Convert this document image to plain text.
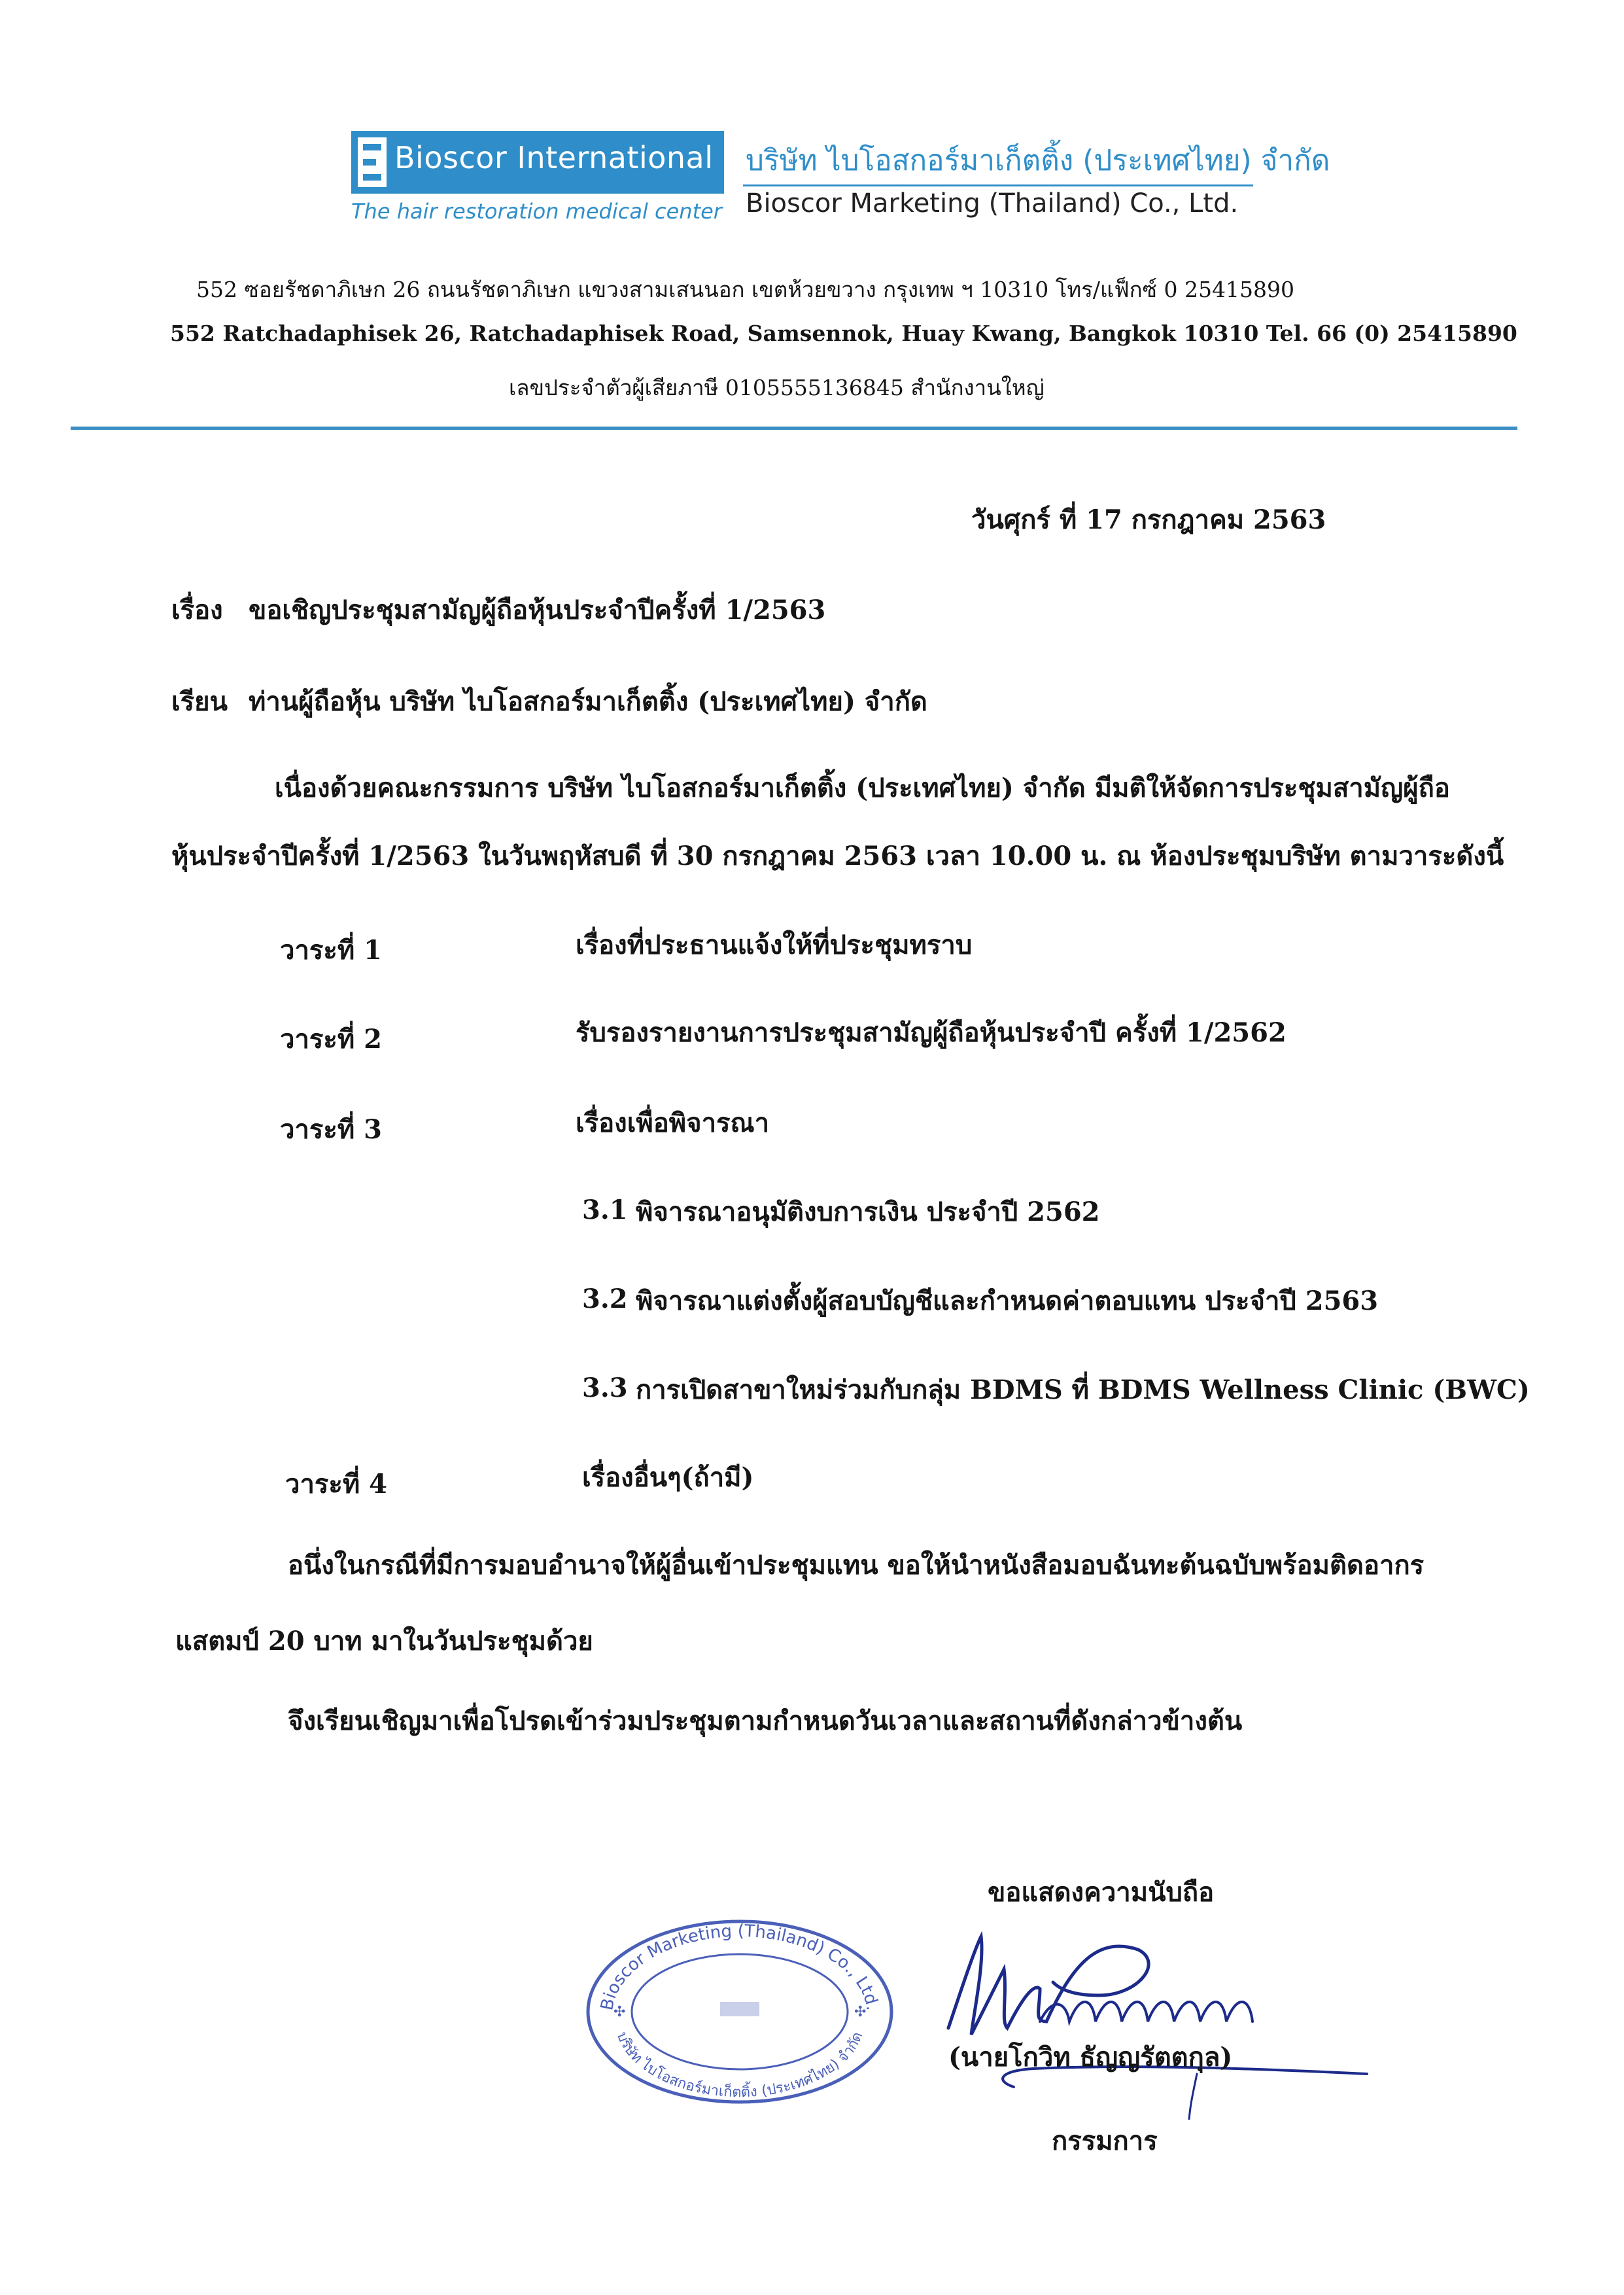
Bioscor International
The hair restoration medical center
บริษัท ไบโอสกอร์มาเก็ตติ้ง (ประเทศไทย) จำกัด
Bioscor Marketing (Thailand) Co., Ltd.
552 ซอยรัชดาภิเษก 26 ถนนรัชดาภิเษก แขวงสามเสนนอก เขตห้วยขวาง กรุงเทพ ฯ 10310 โทร/แฟ็กซ์ 0 25415890
552 Ratchadaphisek 26, Ratchadaphisek Road, Samsennok, Huay Kwang, Bangkok 10310 Tel. 66 (0) 25415890
เลขประจำตัวผู้เสียภาษี 0105555136845 สำนักงานใหญ่
วันศุกร์ ที่ 17 กรกฎาคม 2563
เรื่อง ขอเชิญประชุมสามัญผู้ถือหุ้นประจำปีครั้งที่ 1/2563
เรียน ท่านผู้ถือหุ้น บริษัท ไบโอสกอร์มาเก็ตติ้ง (ประเทศไทย) จำกัด
เนื่องด้วยคณะกรรมการ บริษัท ไบโอสกอร์มาเก็ตติ้ง (ประเทศไทย) จำกัด มีมติให้จัดการประชุมสามัญผู้ถือ
หุ้นประจำปีครั้งที่ 1/2563 ในวันพฤหัสบดี ที่ 30 กรกฎาคม 2563 เวลา 10.00 น. ณ ห้องประชุมบริษัท ตามวาระดังนี้
วาระที่ 1	เรื่องที่ประธานแจ้งให้ที่ประชุมทราบ
วาระที่ 2	รับรองรายงานการประชุมสามัญผู้ถือหุ้นประจำปี ครั้งที่ 1/2562
วาระที่ 3	เรื่องเพื่อพิจารณา
3.1 พิจารณาอนุมัติงบการเงิน ประจำปี 2562
3.2 พิจารณาแต่งตั้งผู้สอบบัญชีและกำหนดค่าตอบแทน ประจำปี 2563
3.3 การเปิดสาขาใหม่ร่วมกับกลุ่ม BDMS ที่ BDMS Wellness Clinic (BWC)
วาระที่ 4	เรื่องอื่นๆ(ถ้ามี)
อนึ่งในกรณีที่มีการมอบอำนาจให้ผู้อื่นเข้าประชุมแทน ขอให้นำหนังสือมอบฉันทะต้นฉบับพร้อมติดอากร
แสตมป์ 20 บาท มาในวันประชุมด้วย
จึงเรียนเชิญมาเพื่อโปรดเข้าร่วมประชุมตามกำหนดวันเวลาและสถานที่ดังกล่าวข้างต้น
ขอแสดงความนับถือ
Bioscor Marketing (Thailand) Co., Ltd.
บริษัท ไบโอสกอร์มาเก็ตติ้ง (ประเทศไทย) จำกัด
✣	✣
(นายโกวิท ธัญญรัตตกุล)
กรรมการ
